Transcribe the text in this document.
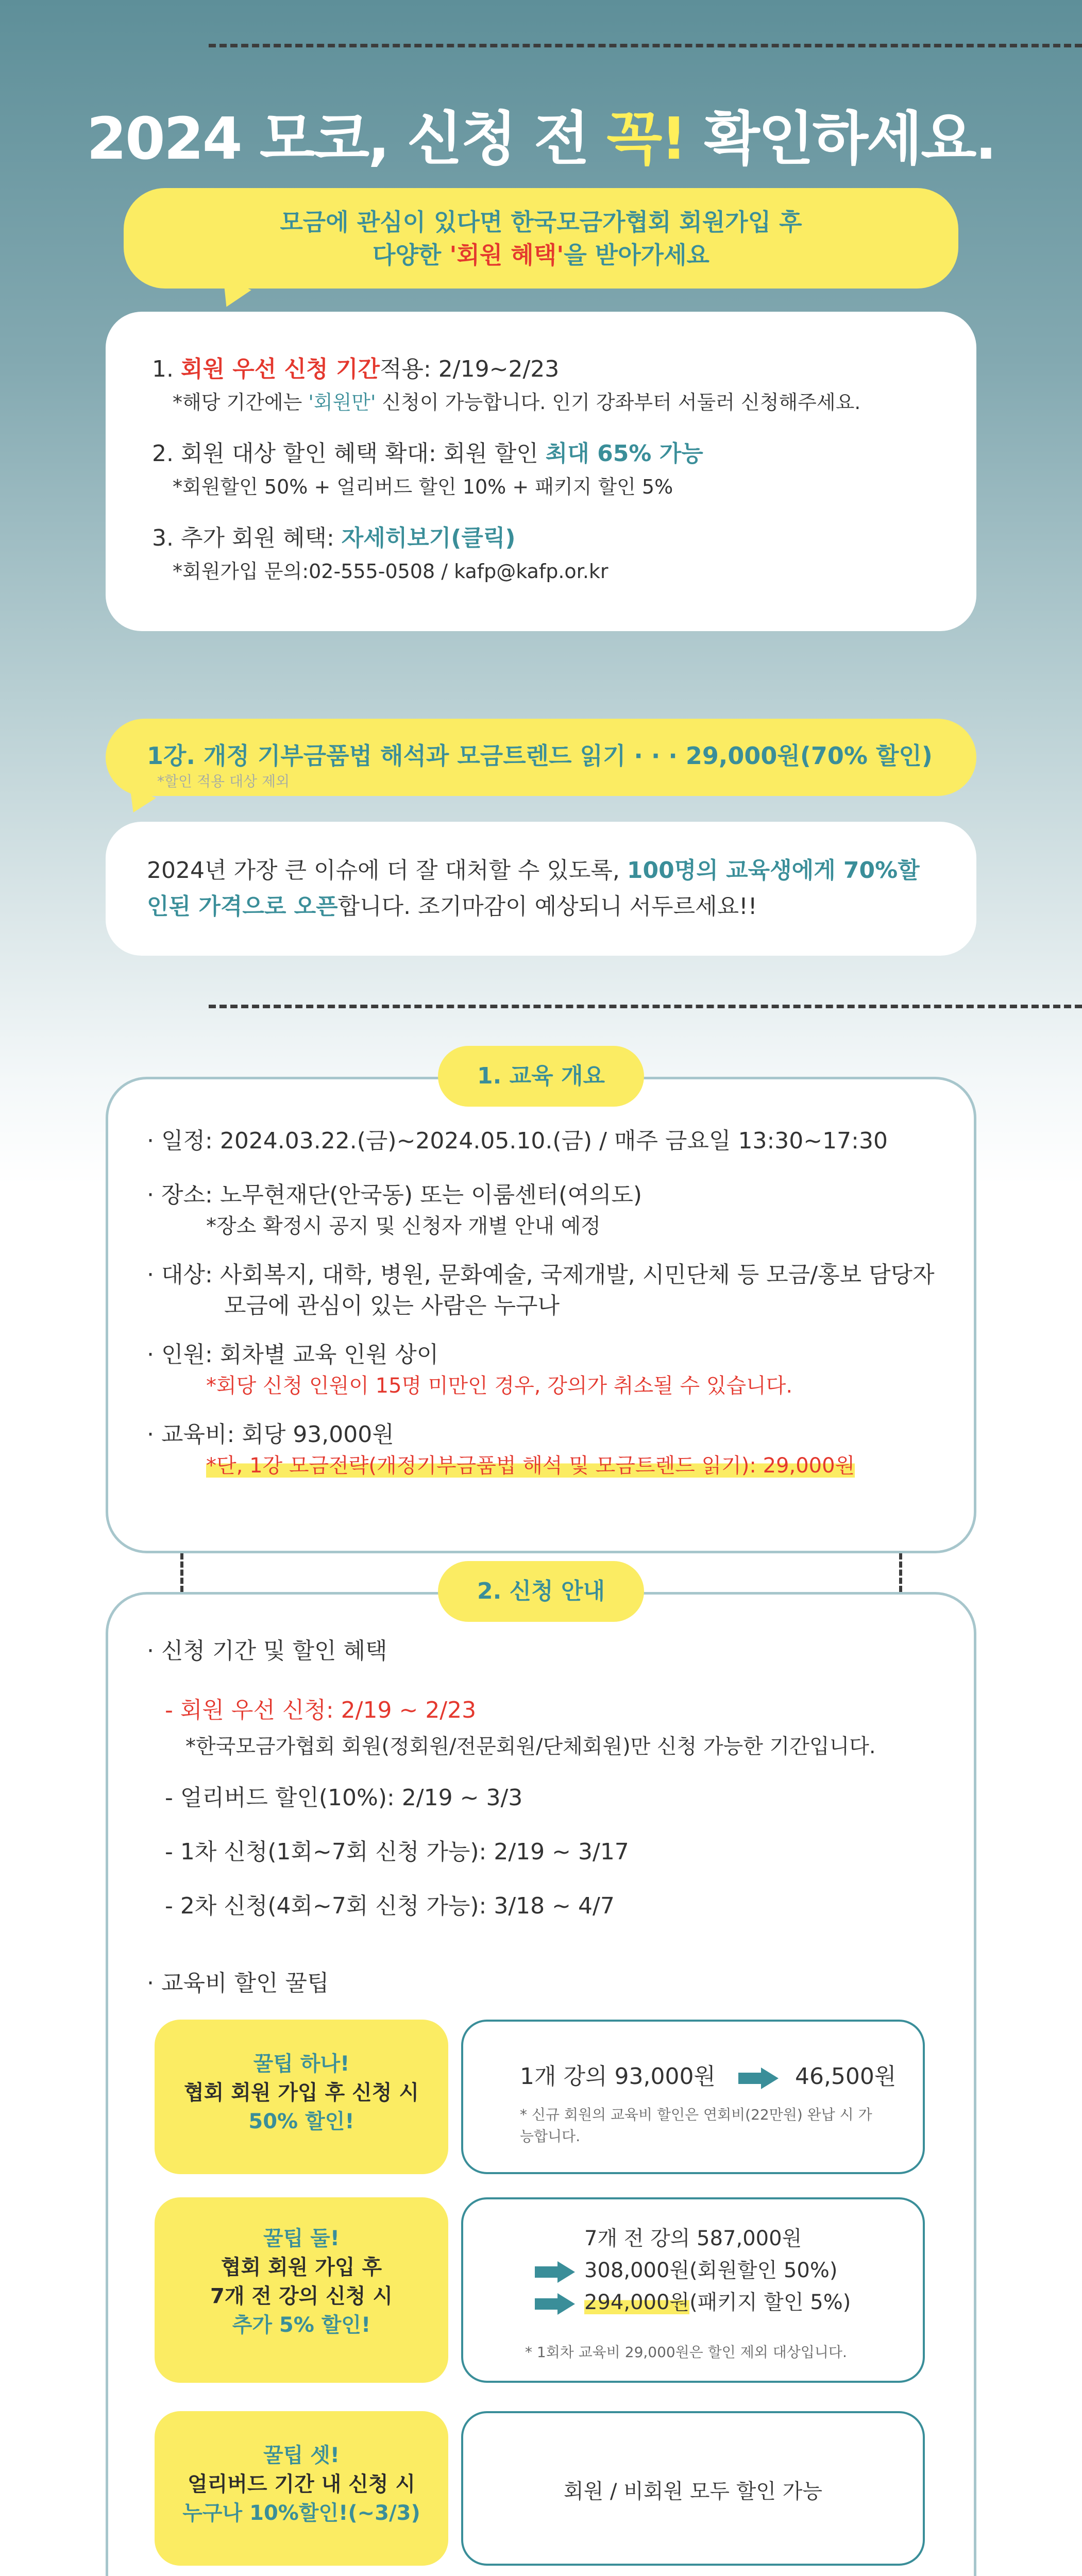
2024 모코, 신청 전 꼭! 확인하세요.
모금에 관심이 있다면 한국모금가협회 회원가입 후
다양한 '회원 혜택'을 받아가세요
1. 회원 우선 신청 기간적용: 2/19~2/23
*해당 기간에는 '회원만' 신청이 가능합니다. 인기 강좌부터 서둘러 신청해주세요.
2. 회원 대상 할인 혜택 확대: 회원 할인 최대 65% 가능
*회원할인 50% + 얼리버드 할인 10% + 패키지 할인 5%
3. 추가 회원 혜택: 자세히보기(클릭)
*회원가입 문의:02-555-0508 / kafp@kafp.or.kr
1강. 개정 기부금품법 해석과 모금트렌드 읽기 · · · 29,000원(70% 할인)
*할인 적용 대상 제외
2024년 가장 큰 이슈에 더 잘 대처할 수 있도록, 100명의 교육생에게 70%할인된 가격으로 오픈합니다. 조기마감이 예상되니 서두르세요!!
1. 교육 개요
· 일정: 2024.03.22.(금)~2024.05.10.(금) / 매주 금요일 13:30~17:30
· 장소: 노무현재단(안국동) 또는 이룸센터(여의도)
*장소 확정시 공지 및 신청자 개별 안내 예정
· 대상: 사회복지, 대학, 병원, 문화예술, 국제개발, 시민단체 등 모금/홍보 담당자
모금에 관심이 있는 사람은 누구나
· 인원: 회차별 교육 인원 상이
*회당 신청 인원이 15명 미만인 경우, 강의가 취소될 수 있습니다.
· 교육비: 회당 93,000원
*단, 1강 모금전략(개정기부금품법 해석 및 모금트렌드 읽기): 29,000원
2. 신청 안내
· 신청 기간 및 할인 혜택
- 회원 우선 신청: 2/19 ~ 2/23
*한국모금가협회 회원(정회원/전문회원/단체회원)만 신청 가능한 기간입니다.
- 얼리버드 할인(10%): 2/19 ~ 3/3
- 1차 신청(1회~7회 신청 가능): 2/19 ~ 3/17
- 2차 신청(4회~7회 신청 가능): 3/18 ~ 4/7
· 교육비 할인 꿀팁
꿀팁 하나!
협회 회원 가입 후 신청 시
50% 할인!
1개 강의 93,000원	46,500원
* 신규 회원의 교육비 할인은 연회비(22만원) 완납 시 가능합니다.
꿀팁 둘!
협회 회원 가입 후
7개 전 강의 신청 시
추가 5% 할인!
7개 전 강의 587,000원
308,000원(회원할인 50%)
294,000원(패키지 할인 5%)
* 1회차 교육비 29,000원은 할인 제외 대상입니다.
꿀팁 셋!
얼리버드 기간 내 신청 시
누구나 10%할인!(~3/3)
회원 / 비회원 모두 할인 가능
